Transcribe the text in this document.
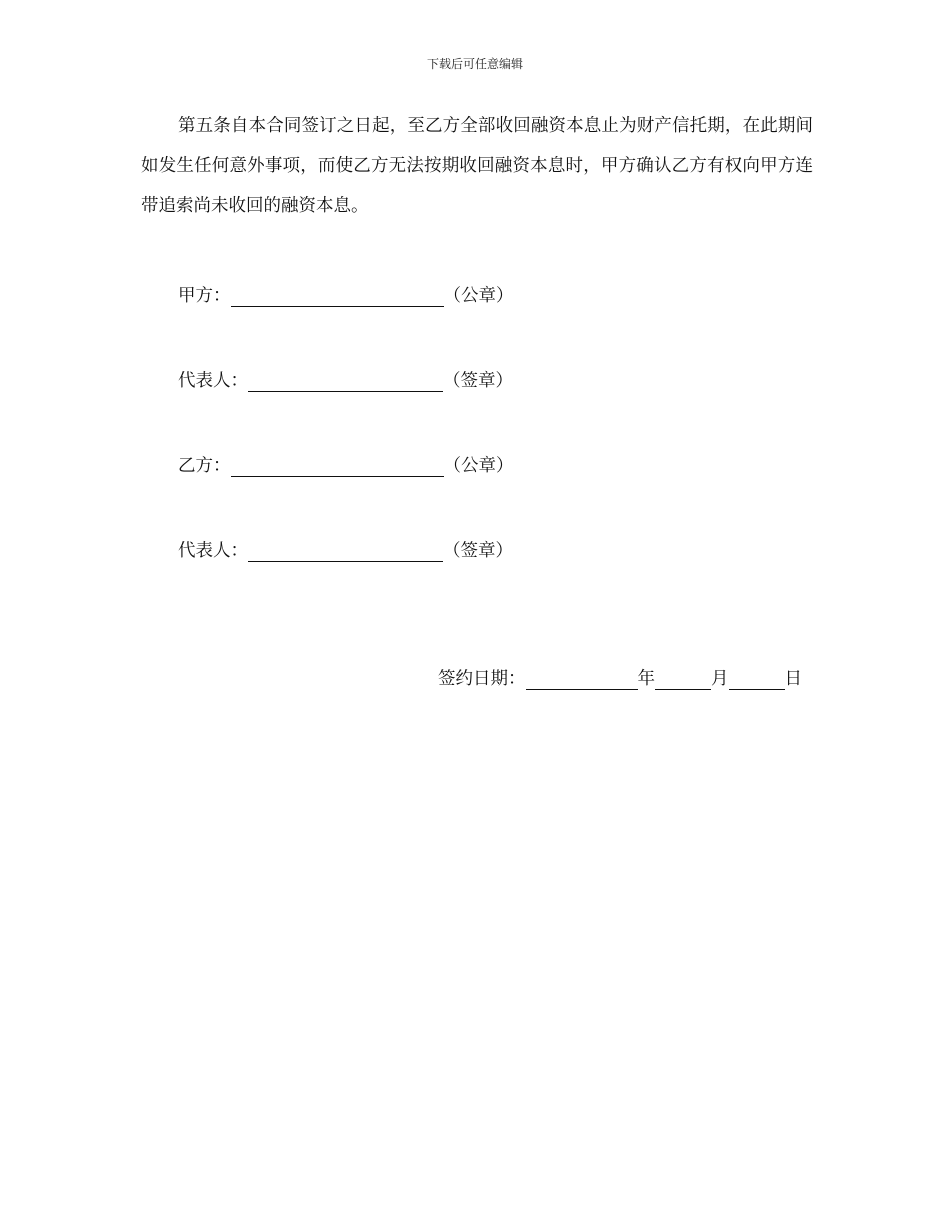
下载后可任意编辑

第五条自本合同签订之日起，至乙方全部收回融资本息止为财产信托期，在此期间如发生任何意外事项，而使乙方无法按期收回融资本息时，甲方确认乙方有权向甲方连带追索尚未收回的融资本息。

甲方：	（公章）
代表人：	（签章）
乙方：	（公章）
代表人：	（签章）
签约日期：	年	月	日
